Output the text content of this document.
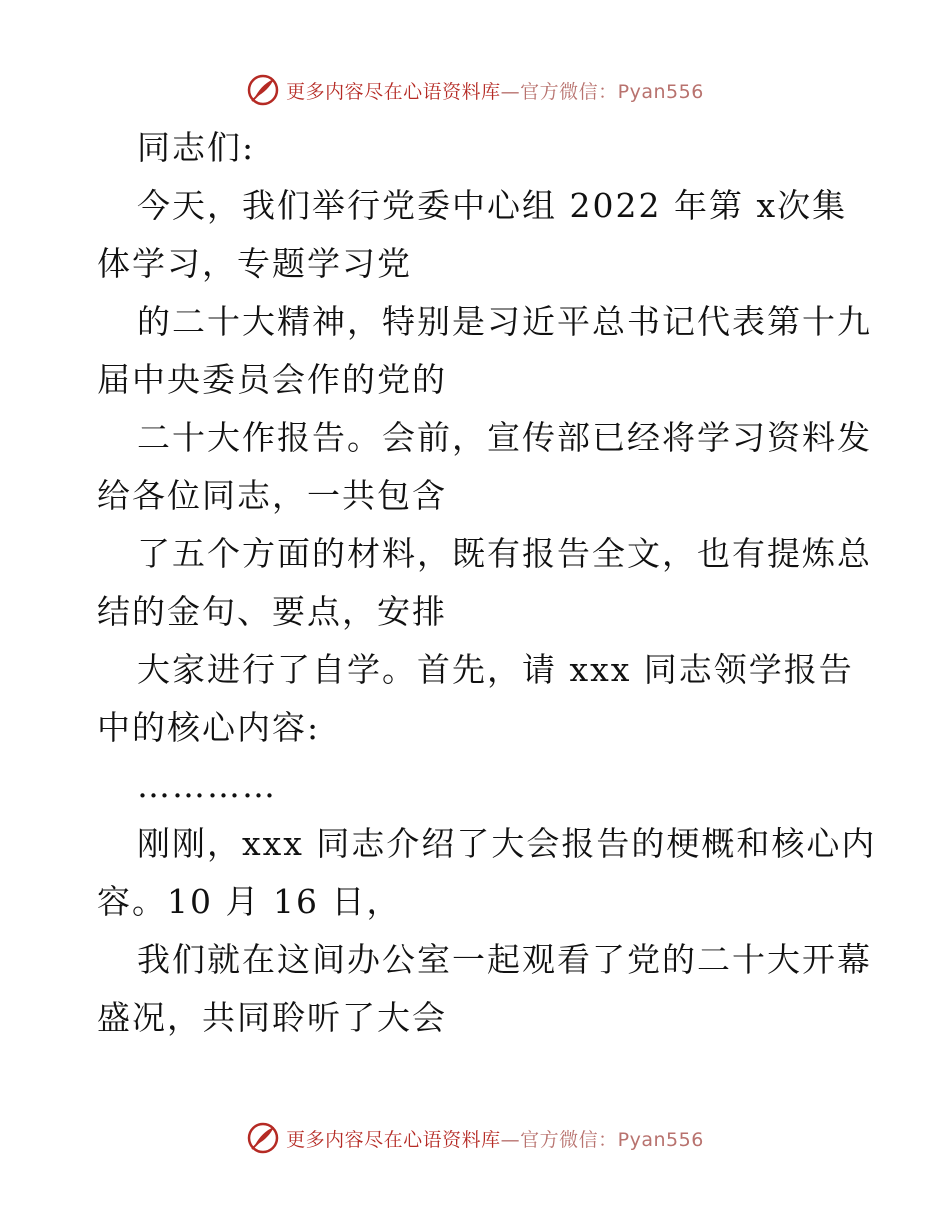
更多内容尽在心语资料库—官方微信：Pyan556
同志们:
今天，我们举行党委中心组 2022 年第 x次集
体学习，专题学习党
的二十大精神，特别是习近平总书记代表第十九
届中央委员会作的党的
二十大作报告。会前，宣传部已经将学习资料发
给各位同志，一共包含
了五个方面的材料，既有报告全文，也有提炼总
结的金句、要点，安排
大家进行了自学。首先，请 xxx 同志领学报告
中的核心内容:
…………
刚刚，xxx 同志介绍了大会报告的梗概和核心内
容。10 月 16 日，
我们就在这间办公室一起观看了党的二十大开幕
盛况，共同聆听了大会
更多内容尽在心语资料库—官方微信：Pyan556
